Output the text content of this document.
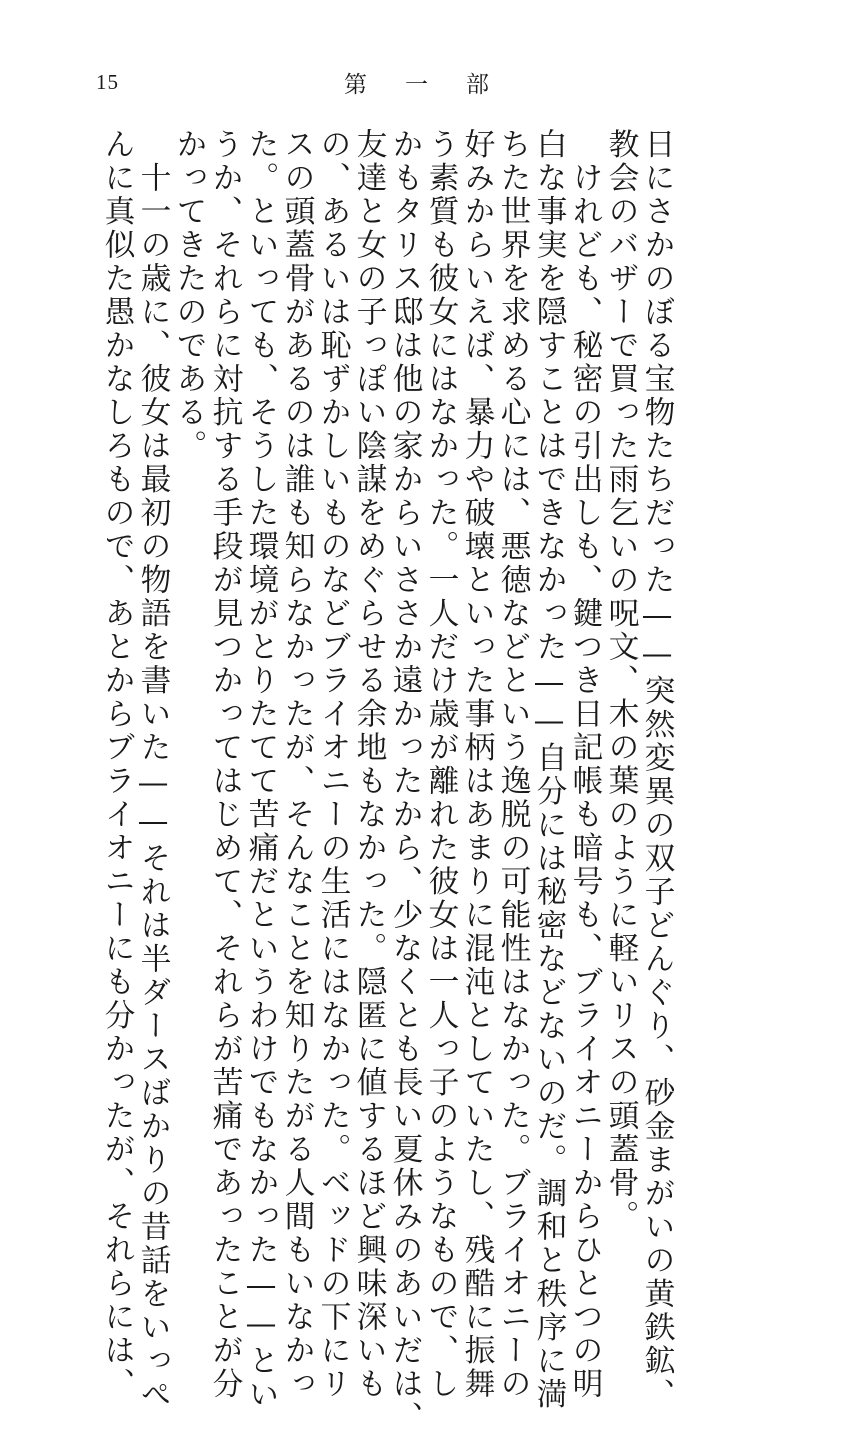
15	第一部
日にさかのぼる宝物たちだった——突然変異の双子どんぐり、砂金まがいの黄鉄鉱、
教会のバザーで買った雨乞いの呪文、木の葉のように軽いリスの頭蓋骨。
　けれども、秘密の引出しも、鍵つき日記帳も暗号も、ブライオニーからひとつの明
白な事実を隠すことはできなかった——自分には秘密などないのだ。調和と秩序に満
ちた世界を求める心には、悪徳などという逸脱の可能性はなかった。ブライオニーの
好みからいえば、暴力や破壊といった事柄はあまりに混沌としていたし、残酷に振舞
う素質も彼女にはなかった。一人だけ歳が離れた彼女は一人っ子のようなもので、し
かもタリス邸は他の家からいささか遠かったから、少なくとも長い夏休みのあいだは、
友達と女の子っぽい陰謀をめぐらせる余地もなかった。隠匿に値するほど興味深いも
の、あるいは恥ずかしいものなどブライオニーの生活にはなかった。ベッドの下にリ
スの頭蓋骨があるのは誰も知らなかったが、そんなことを知りたがる人間もいなかっ
た。といっても、そうした環境がとりたてて苦痛だというわけでもなかった——とい
うか、それらに対抗する手段が見つかってはじめて、それらが苦痛であったことが分
かってきたのである。
　十一の歳に、彼女は最初の物語を書いた——それは半ダースばかりの昔話をいっぺ
んに真似た愚かなしろもので、あとからブライオニーにも分かったが、それらには、
